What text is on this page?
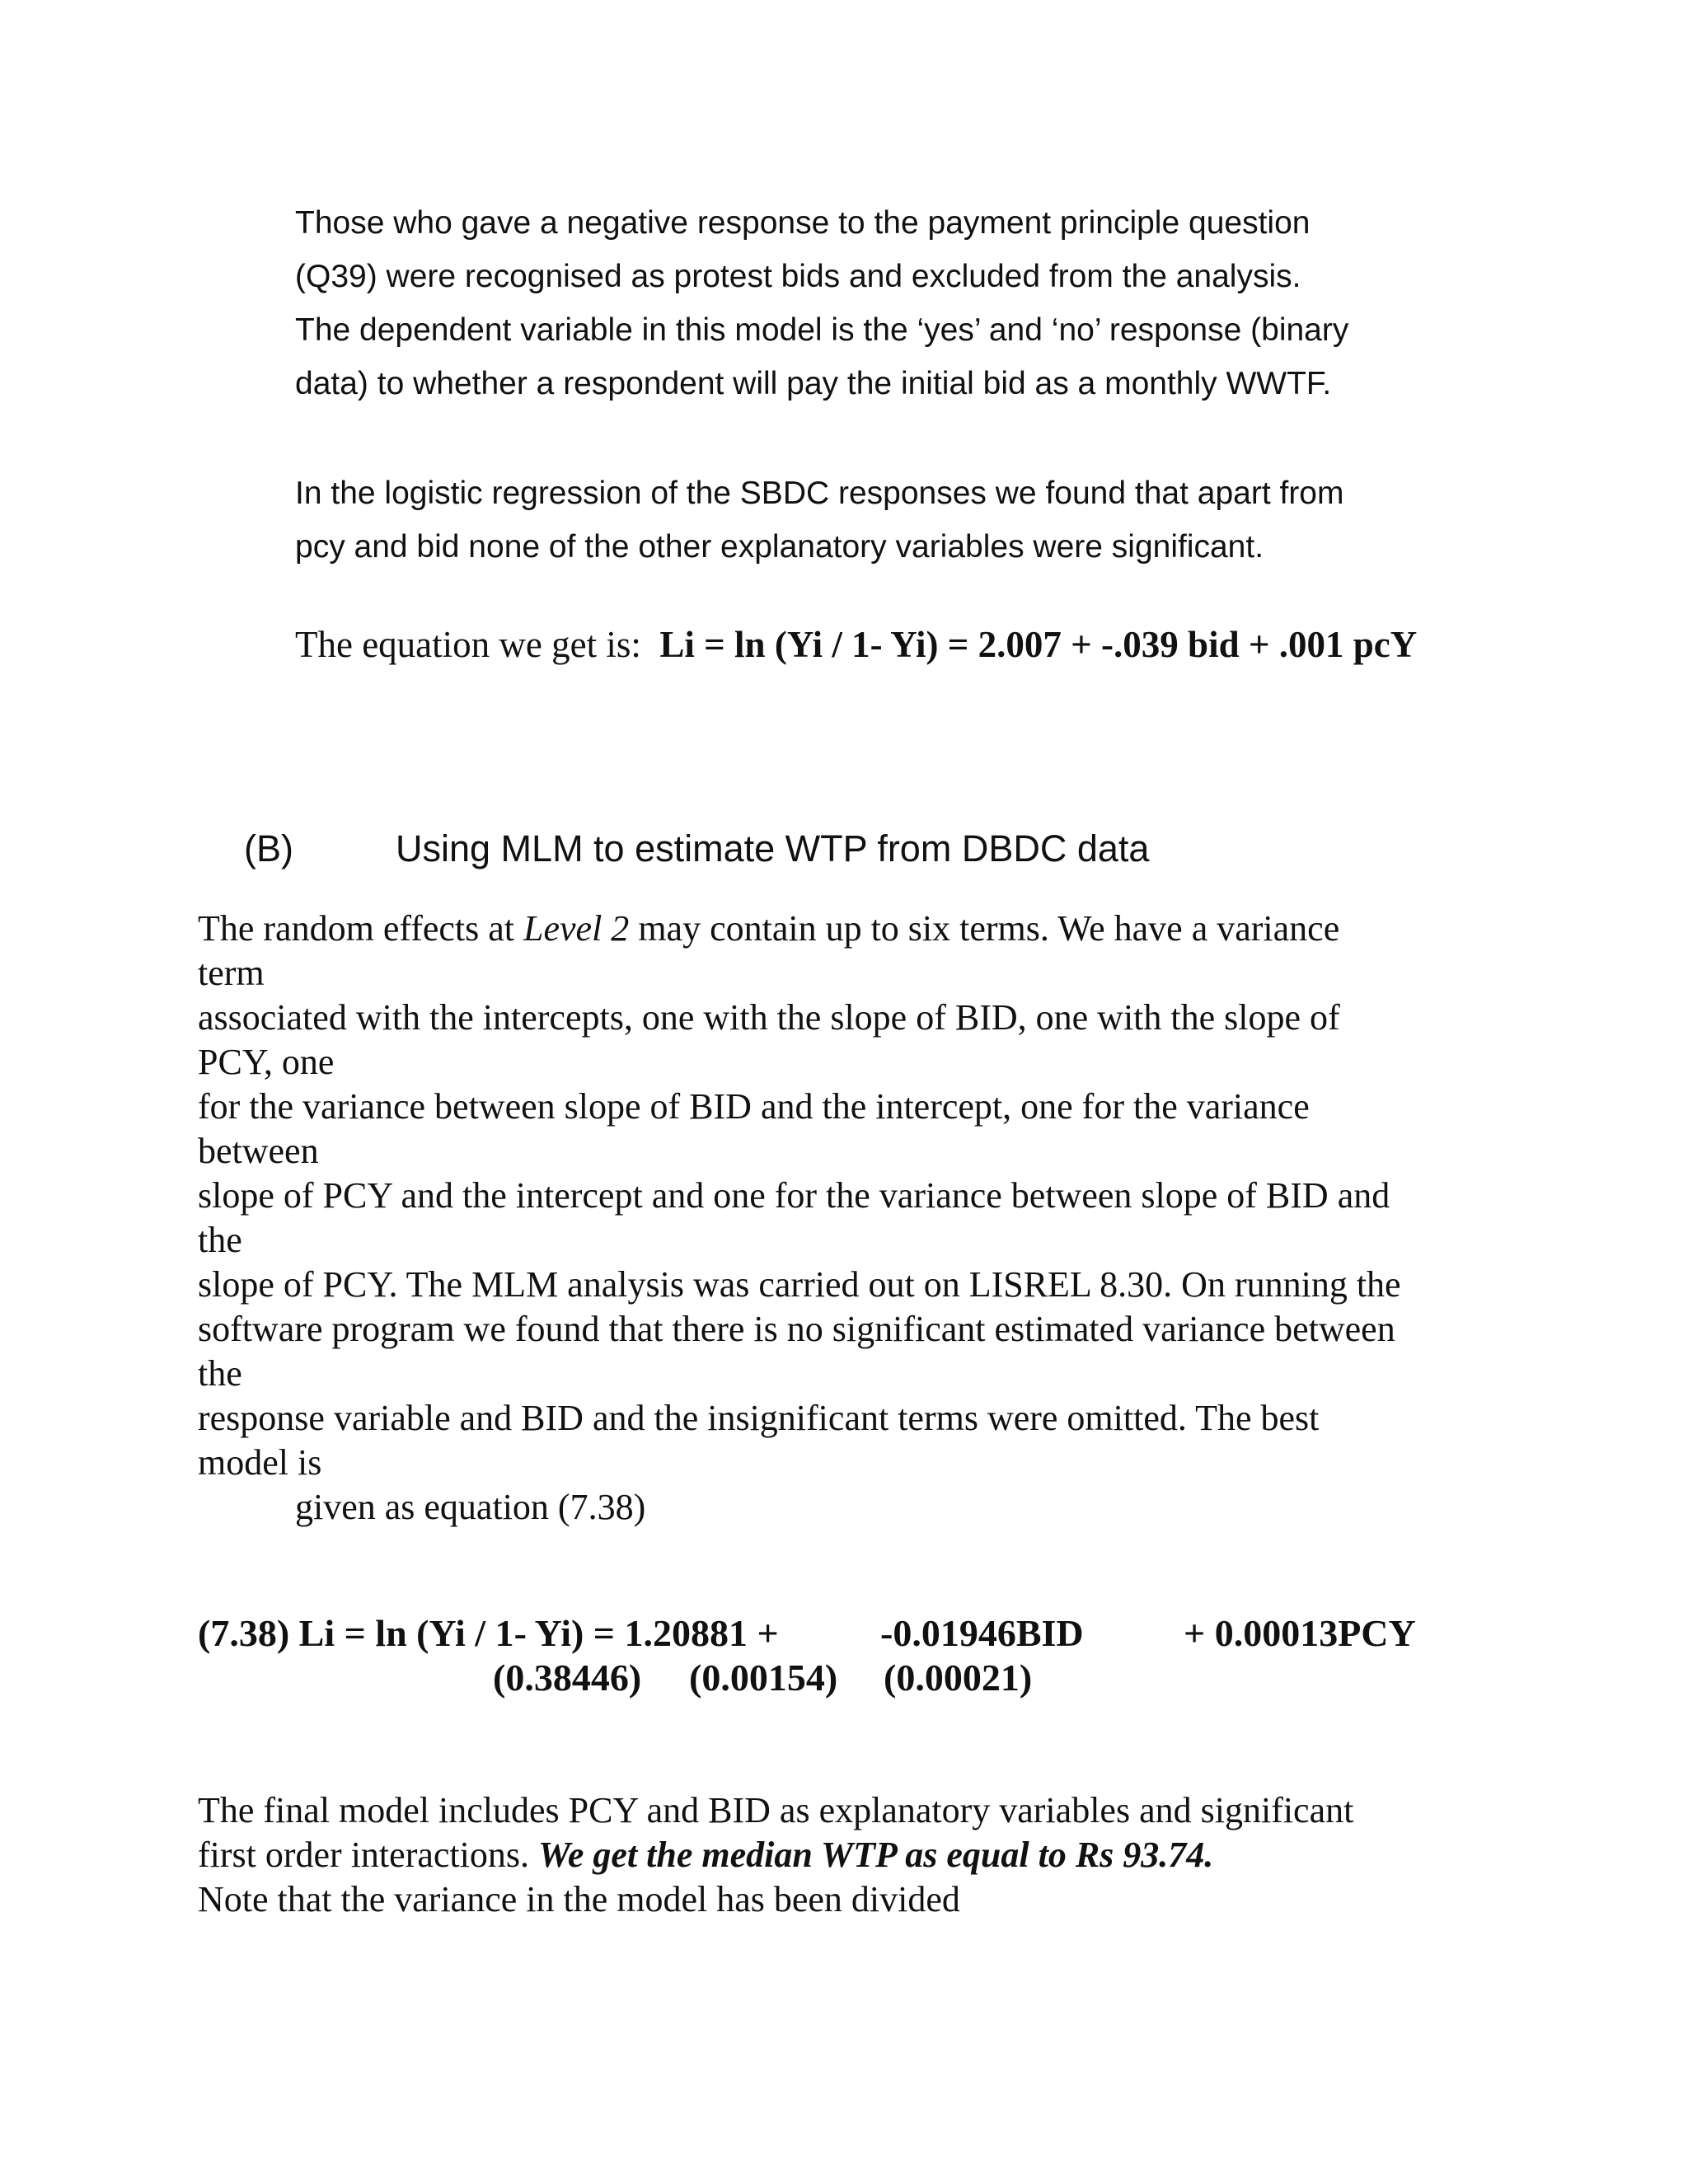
Those who gave a negative response to the payment principle question
(Q39) were recognised as protest bids and excluded from the analysis.
The dependent variable in this model is the ‘yes’ and ‘no’ response (binary
data) to whether a respondent will pay the initial bid as a monthly WWTF.
In the logistic regression of the SBDC responses we found that apart from
pcy and bid none of the other explanatory variables were significant.
The equation we get is: Li = ln (Yi / 1- Yi) = 2.007 + -.039 bid + .001 pcY
(B)	Using MLM to estimate WTP from DBDC data
The random effects at Level 2 may contain up to six terms. We have a variance
term
associated with the intercepts, one with the slope of BID, one with the slope of
PCY, one
for the variance between slope of BID and the intercept, one for the variance
between
slope of PCY and the intercept and one for the variance between slope of BID and
the
slope of PCY. The MLM analysis was carried out on LISREL 8.30. On running the
software program we found that there is no significant estimated variance between
the
response variable and BID and the insignificant terms were omitted. The best
model is
given as equation (7.38)
(7.38) Li = ln (Yi / 1- Yi) = 1.20881 +	-0.01946BID	+ 0.00013PCY
(0.38446) (0.00154) (0.00021)
The final model includes PCY and BID as explanatory variables and significant
first order interactions. We get the median WTP as equal to Rs 93.74.
Note that the variance in the model has been divided
